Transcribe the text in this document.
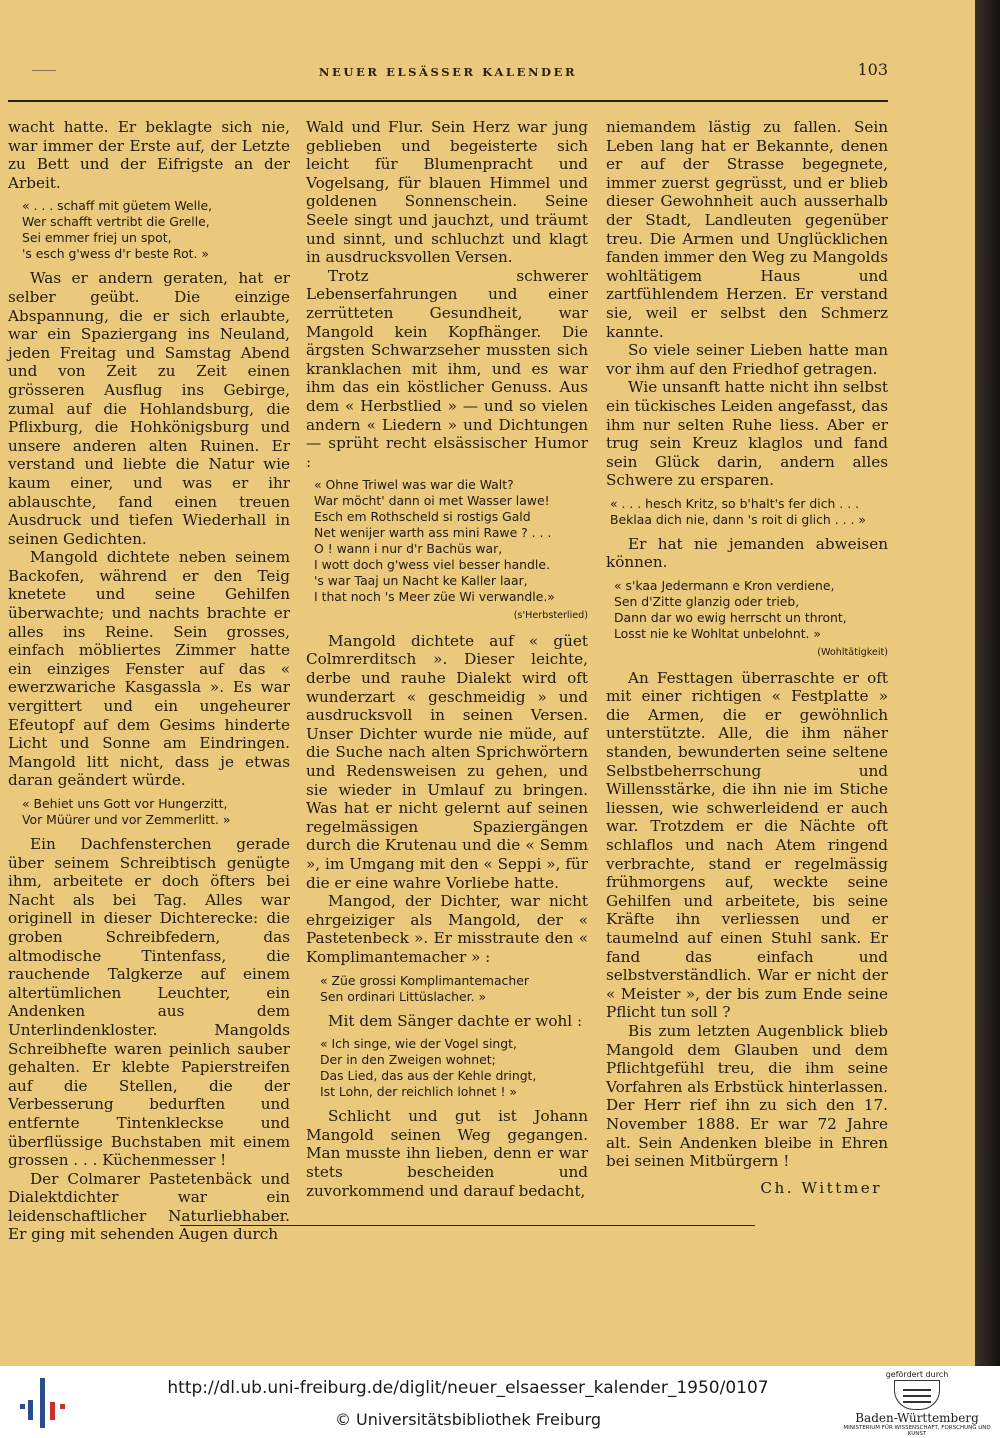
NEUER ELSÄSSER KALENDER	103

wacht hatte. Er beklagte sich nie, war immer der Erste auf, der Letzte zu Bett und der Eifrigste an der Arbeit.

« . . . schaff mit güetem Welle,
Wer schafft vertribt die Grelle,
Sei emmer friej un spot,
's esch g'wess d'r beste Rot. »

Was er andern geraten, hat er selber geübt. Die einzige Abspannung, die er sich erlaubte, war ein Spaziergang ins Neuland, jeden Freitag und Samstag Abend und von Zeit zu Zeit einen grösseren Ausflug ins Gebirge, zumal auf die Hohlandsburg, die Pflixburg, die Hohkönigsburg und unsere anderen alten Ruinen. Er verstand und liebte die Natur wie kaum einer, und was er ihr ablauschte, fand einen treuen Ausdruck und tiefen Wiederhall in seinen Gedichten.

Mangold dichtete neben seinem Backofen, während er den Teig knetete und seine Gehilfen überwachte; und nachts brachte er alles ins Reine. Sein grosses, einfach möbliertes Zimmer hatte ein einziges Fenster auf das « ewerzwariche Kasgassla ». Es war vergittert und ein ungeheurer Efeutopf auf dem Gesims hinderte Licht und Sonne am Eindringen. Mangold litt nicht, dass je etwas daran geändert würde.

« Behiet uns Gott vor Hungerzitt,
Vor Müürer und vor Zemmerlitt. »

Ein Dachfensterchen gerade über seinem Schreibtisch genügte ihm, arbeitete er doch öfters bei Nacht als bei Tag. Alles war originell in dieser Dichterecke: die groben Schreibfedern, das altmodische Tintenfass, die rauchende Talgkerze auf einem altertümlichen Leuchter, ein Andenken aus dem Unterlindenkloster. Mangolds Schreibhefte waren peinlich sauber gehalten. Er klebte Papierstreifen auf die Stellen, die der Verbesserung bedurften und entfernte Tintenkleckse und überflüssige Buchstaben mit einem grossen . . . Küchenmesser !

Der Colmarer Pastetenbäck und Dialektdichter war ein leidenschaftlicher Naturliebhaber. Er ging mit sehenden Augen durch

Wald und Flur. Sein Herz war jung geblieben und begeisterte sich leicht für Blumenpracht und Vogelsang, für blauen Himmel und goldenen Sonnenschein. Seine Seele singt und jauchzt, und träumt und sinnt, und schluchzt und klagt in ausdrucksvollen Versen.

Trotz schwerer Lebenserfahrungen und einer zerrütteten Gesundheit, war Mangold kein Kopfhänger. Die ärgsten Schwarzseher mussten sich kranklachen mit ihm, und es war ihm das ein köstlicher Genuss. Aus dem « Herbstlied » — und so vielen andern « Liedern » und Dichtungen — sprüht recht elsässischer Humor :

« Ohne Triwel was war die Walt?
War möcht' dann oi met Wasser lawe!
Esch em Rothscheld si rostigs Gald
Net wenijer warth ass mini Rawe ? . . .
O ! wann i nur d'r Bachüs war,
I wott doch g'wess viel besser handle.
's war Taaj un Nacht ke Kaller laar,
I that noch 's Meer züe Wi verwandle.»
(s'Herbsterlied)

Mangold dichtete auf « güet Colmrerditsch ». Dieser leichte, derbe und rauhe Dialekt wird oft wunderzart « geschmeidig » und ausdrucksvoll in seinen Versen. Unser Dichter wurde nie müde, auf die Suche nach alten Sprichwörtern und Redensweisen zu gehen, und sie wieder in Umlauf zu bringen. Was hat er nicht gelernt auf seinen regelmässigen Spaziergängen durch die Krutenau und die « Semm », im Umgang mit den « Seppi », für die er eine wahre Vorliebe hatte.

Mangod, der Dichter, war nicht ehrgeiziger als Mangold, der « Pastetenbeck ». Er misstraute den « Komplimantemacher » :

« Züe grossi Komplimantemacher
Sen ordinari Littüslacher. »

Mit dem Sänger dachte er wohl :

« Ich singe, wie der Vogel singt,
Der in den Zweigen wohnet;
Das Lied, das aus der Kehle dringt,
Ist Lohn, der reichlich lohnet ! »

Schlicht und gut ist Johann Mangold seinen Weg gegangen. Man musste ihn lieben, denn er war stets bescheiden und zuvorkommend und darauf bedacht,

niemandem lästig zu fallen. Sein Leben lang hat er Bekannte, denen er auf der Strasse begegnete, immer zuerst gegrüsst, und er blieb dieser Gewohnheit auch ausserhalb der Stadt, Landleuten gegenüber treu. Die Armen und Unglücklichen fanden immer den Weg zu Mangolds wohltätigem Haus und zartfühlendem Herzen. Er verstand sie, weil er selbst den Schmerz kannte.

So viele seiner Lieben hatte man vor ihm auf den Friedhof getragen.

Wie unsanft hatte nicht ihn selbst ein tückisches Leiden angefasst, das ihm nur selten Ruhe liess. Aber er trug sein Kreuz klaglos und fand sein Glück darin, andern alles Schwere zu ersparen.

« . . . hesch Kritz, so b'halt's fer dich . . .
Beklaa dich nie, dann 's roit di glich . . . »

Er hat nie jemanden abweisen können.

« s'kaa Jedermann e Kron verdiene,
Sen d'Zitte glanzig oder trieb,
Dann dar wo ewig herrscht un thront,
Losst nie ke Wohltat unbelohnt. »
(Wohltätigkeit)

An Festtagen überraschte er oft mit einer richtigen « Festplatte » die Armen, die er gewöhnlich unterstützte. Alle, die ihm näher standen, bewunderten seine seltene Selbstbeherrschung und Willensstärke, die ihn nie im Stiche liessen, wie schwerleidend er auch war. Trotzdem er die Nächte oft schlaflos und nach Atem ringend verbrachte, stand er regelmässig frühmorgens auf, weckte seine Gehilfen und arbeitete, bis seine Kräfte ihn verliessen und er taumelnd auf einen Stuhl sank. Er fand das einfach und selbstverständlich. War er nicht der « Meister », der bis zum Ende seine Pflicht tun soll ?

Bis zum letzten Augenblick blieb Mangold dem Glauben und dem Pflichtgefühl treu, die ihm seine Vorfahren als Erbstück hinterlassen. Der Herr rief ihn zu sich den 17. November 1888. Er war 72 Jahre alt. Sein Andenken bleibe in Ehren bei seinen Mitbürgern !

Ch. Wittmer
http://dl.ub.uni-freiburg.de/diglit/neuer_elsaesser_kalender_1950/0107
© Universitätsbibliothek Freiburg
gefördert durch
Baden-Württemberg
MINISTERIUM FÜR WISSENSCHAFT, FORSCHUNG UND KUNST
